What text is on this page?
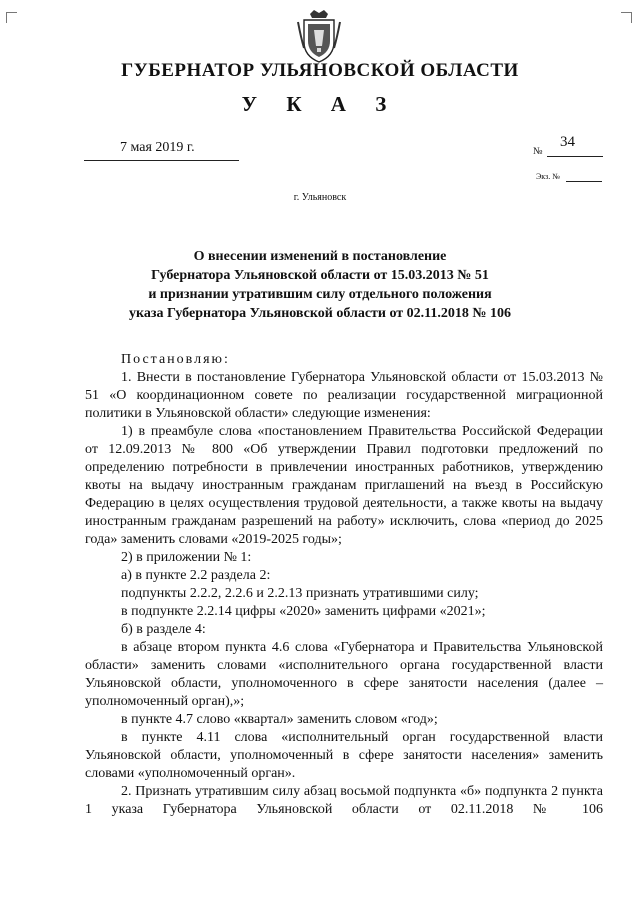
ГУБЕРНАТОР УЛЬЯНОВСКОЙ ОБЛАСТИ
У К А З
7 мая 2019 г.	№
34
Экз. №
г. Ульяновск
О внесении изменений в постановление
Губернатора Ульяновской области от 15.03.2013 № 51
и признании утратившим силу отдельного положения
указа Губернатора Ульяновской области от 02.11.2018 № 106

Постановляю:

1. Внести в постановление Губернатора Ульяновской области от 15.03.2013 № 51 «О координационном совете по реализации государственной миграционной политики в Ульяновской области» следующие изменения:

1) в преамбуле слова «постановлением Правительства Российской Федерации от 12.09.2013 № 800 «Об утверждении Правил подготовки предложений по определению потребности в привлечении иностранных работников, утверждению квоты на выдачу иностранным гражданам приглашений на въезд в Российскую Федерацию в целях осуществления трудовой деятельности, а также квоты на выдачу иностранным гражданам разрешений на работу» исключить, слова «период до 2025 года» заменить словами «2019-2025 годы»;

2) в приложении № 1:

а) в пункте 2.2 раздела 2:

подпункты 2.2.2, 2.2.6 и 2.2.13 признать утратившими силу;

в подпункте 2.2.14 цифры «2020» заменить цифрами «2021»;

б) в разделе 4:

в абзаце втором пункта 4.6 слова «Губернатора и Правительства Ульяновской области» заменить словами «исполнительного органа государственной власти Ульяновской области, уполномоченного в сфере занятости населения (далее – уполномоченный орган),»;

в пункте 4.7 слово «квартал» заменить словом «год»;

в пункте 4.11 слова «исполнительный орган государственной власти Ульяновской области, уполномоченный в сфере занятости населения» заменить словами «уполномоченный орган».

2. Признать утратившим силу абзац восьмой подпункта «б» подпункта 2 пункта 1 указа Губернатора Ульяновской области от 02.11.2018 № 106
